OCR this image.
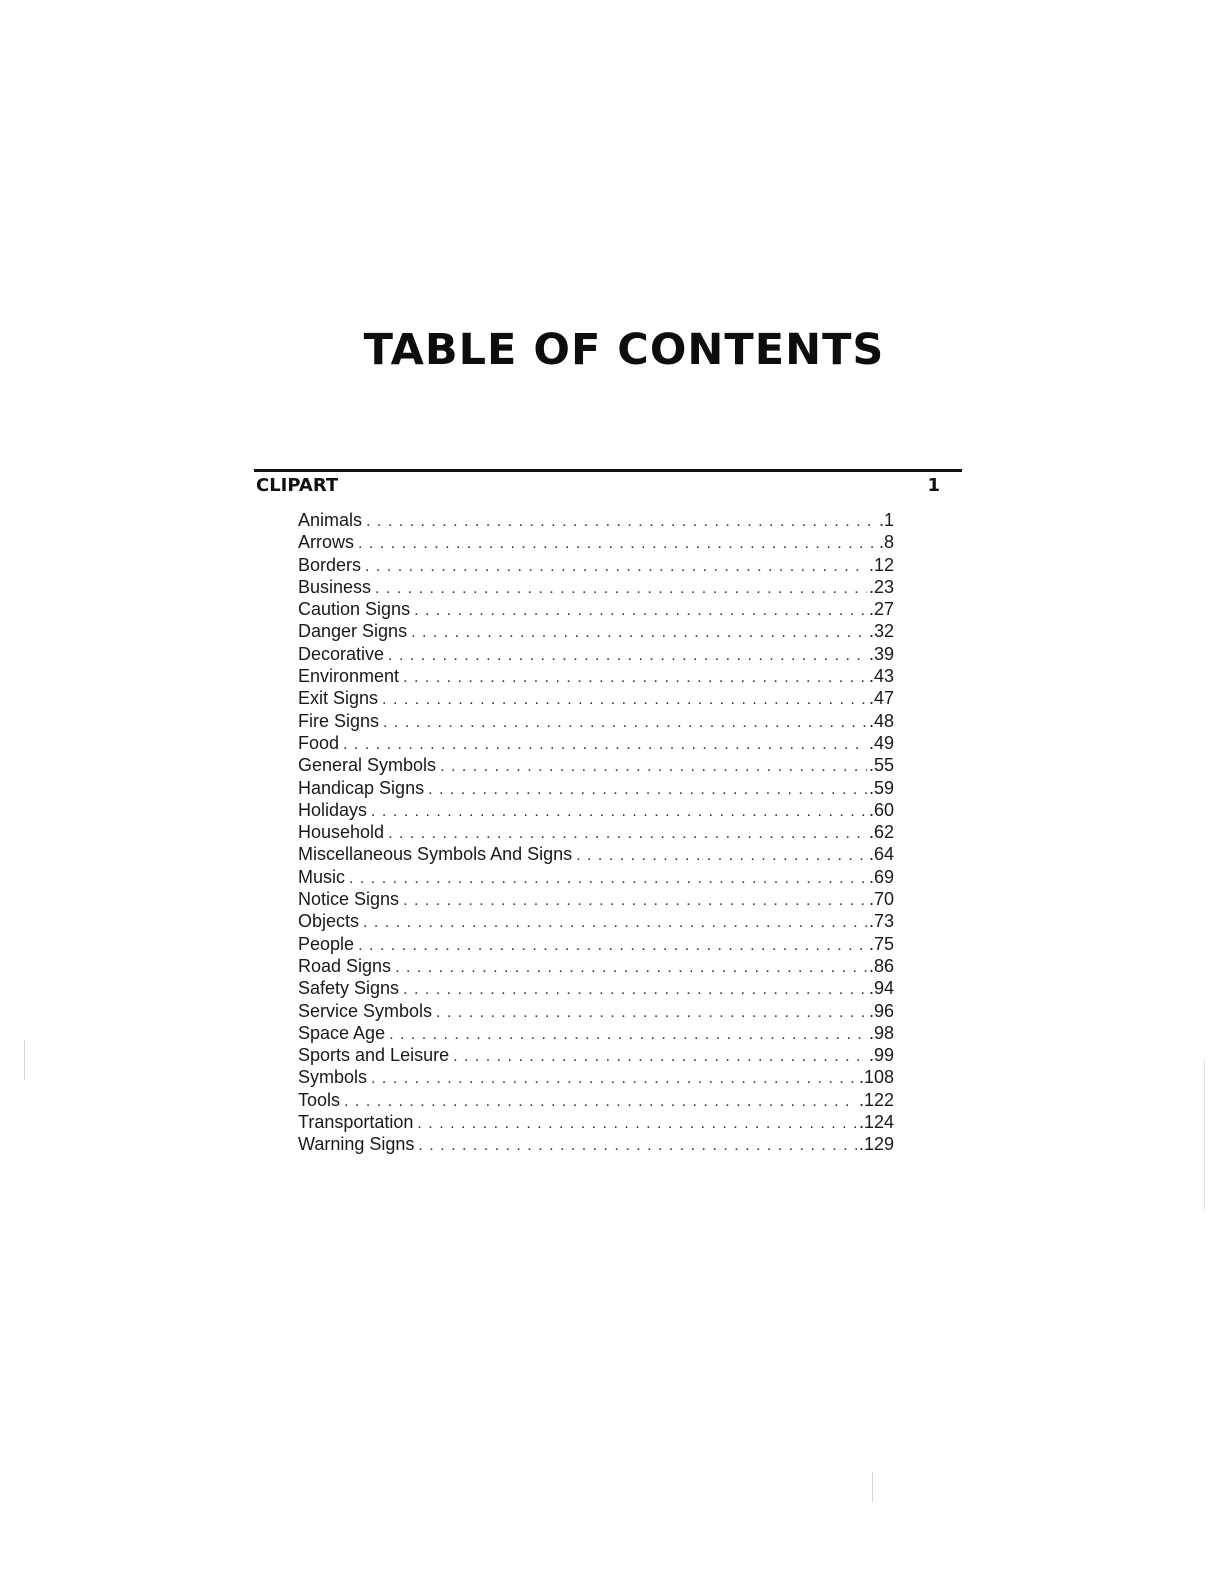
TABLE OF CONTENTS
CLIPART	1
Animals . . .	.1
Arrows . . .	.8
Borders . . .	.12
Business . . .	.23
Caution Signs . . .	.27
Danger Signs . . .	.32
Decorative . . .	.39
Environment . . .	.43
Exit Signs . . .	.47
Fire Signs . . .	.48
Food . . .	.49
General Symbols . . .	.55
Handicap Signs . . .	.59
Holidays . . .	.60
Household . . .	.62
Miscellaneous Symbols And Signs . . .	.64
Music . . .	.69
Notice Signs . . .	.70
Objects . . .	.73
People . . .	.75
Road Signs . . .	.86
Safety Signs . . .	.94
Service Symbols . . .	.96
Space Age . . .	.98
Sports and Leisure . . .	.99
Symbols . . .	.108
Tools . . .	.122
Transportation . . .	.124
Warning Signs . . .	.129
